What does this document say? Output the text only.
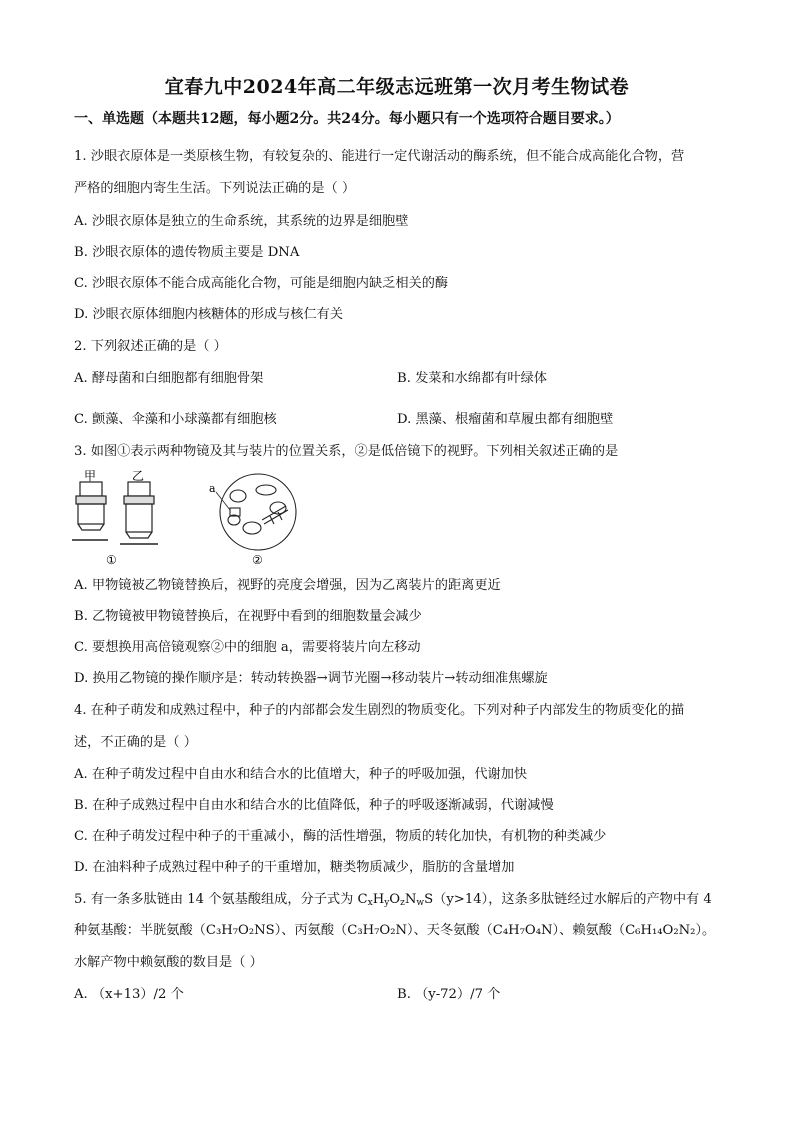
宜春九中2024年高二年级志远班第一次月考生物试卷
一、单选题（本题共12题，每小题2分。共24分。每小题只有一个选项符合题目要求。）
1. 沙眼衣原体是一类原核生物，有较复杂的、能进行一定代谢活动的酶系统，但不能合成高能化合物，营
严格的细胞内寄生生活。下列说法正确的是（ ）
A. 沙眼衣原体是独立的生命系统，其系统的边界是细胞壁
B. 沙眼衣原体的遗传物质主要是 DNA
C. 沙眼衣原体不能合成高能化合物，可能是细胞内缺乏相关的酶
D. 沙眼衣原体细胞内核糖体的形成与核仁有关
2. 下列叙述正确的是（ ）
A. 酵母菌和白细胞都有细胞骨架	B. 发菜和水绵都有叶绿体
C. 颤藻、伞藻和小球藻都有细胞核	D. 黑藻、根瘤菌和草履虫都有细胞壁
3. 如图①表示两种物镜及其与装片的位置关系，②是低倍镜下的视野。下列相关叙述正确的是
甲	乙
①
a
②
A. 甲物镜被乙物镜替换后，视野的亮度会增强，因为乙离装片的距离更近
B. 乙物镜被甲物镜替换后，在视野中看到的细胞数量会减少
C. 要想换用高倍镜观察②中的细胞 a，需要将装片向左移动
D. 换用乙物镜的操作顺序是：转动转换器→调节光圈→移动装片→转动细准焦螺旋
4. 在种子萌发和成熟过程中，种子的内部都会发生剧烈的物质变化。下列对种子内部发生的物质变化的描
述，不正确的是（ ）
A. 在种子萌发过程中自由水和结合水的比值增大，种子的呼吸加强，代谢加快
B. 在种子成熟过程中自由水和结合水的比值降低，种子的呼吸逐渐减弱，代谢减慢
C. 在种子萌发过程中种子的干重减小，酶的活性增强，物质的转化加快，有机物的种类减少
D. 在油料种子成熟过程中种子的干重增加，糖类物质减少，脂肪的含量增加
5. 有一条多肽链由 14 个氨基酸组成，分子式为 $C_xH_yO_zN_wS(y>14)$，这条多肽链经过水解后的产物中有 4
种氨基酸：半胱氨酸（C₃H₇O₂NS）、丙氨酸（C₃H₇O₂N）、天冬氨酸（C₄H₇O₄N）、赖氨酸（C₆H₁₄O₂N₂）。
水解产物中赖氨酸的数目是（ ）
A. （x+13）/2 个	B. （y-72）/7 个
